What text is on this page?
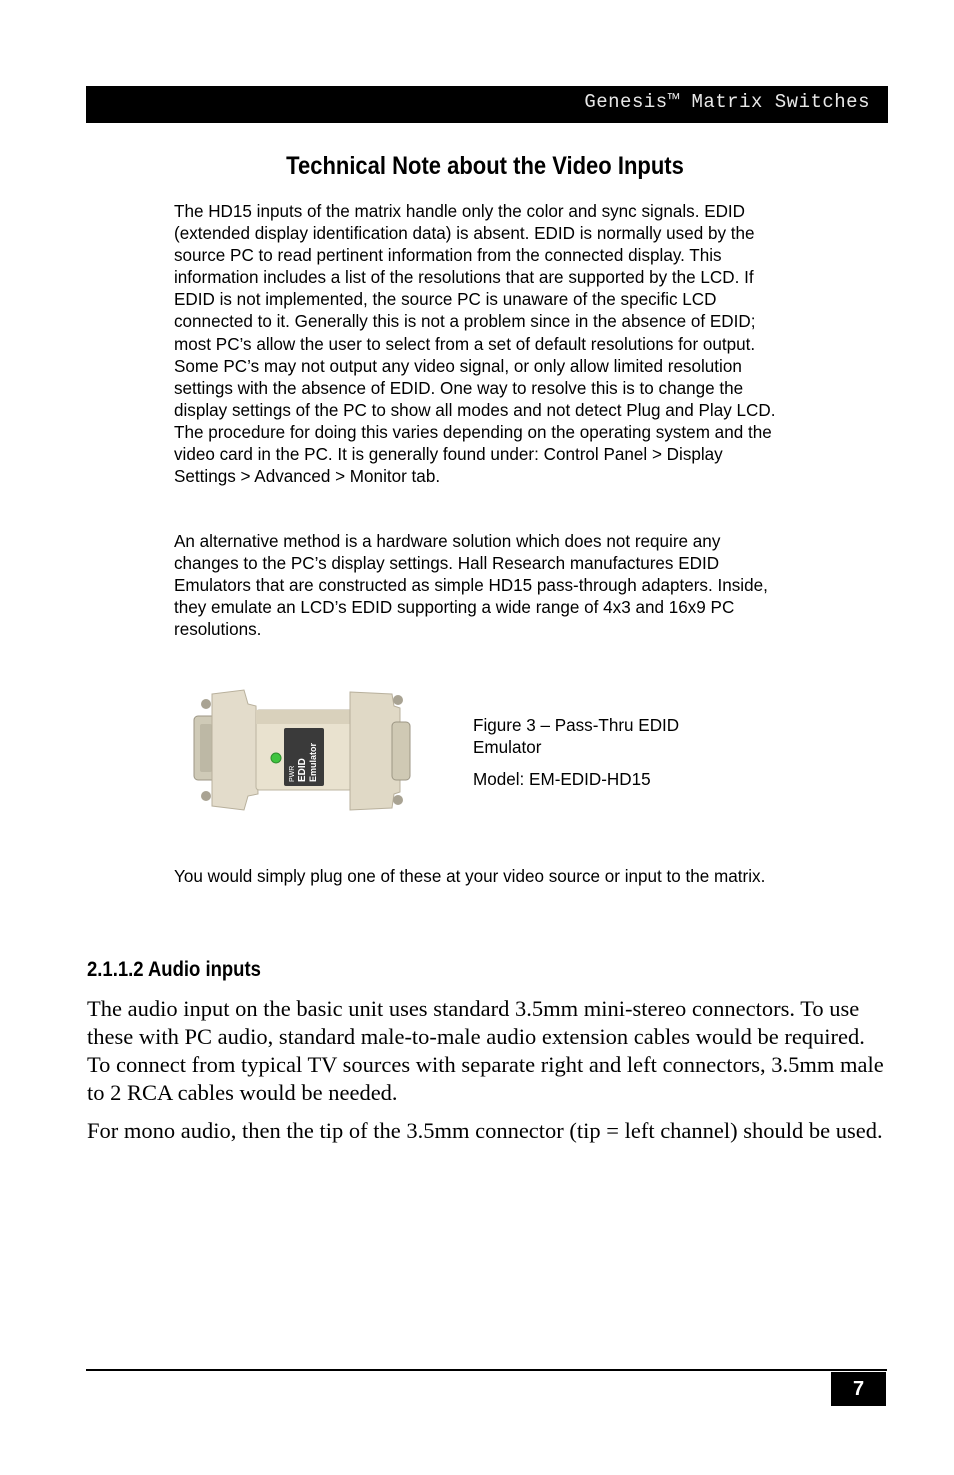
Genesis™ Matrix Switches
Technical Note about the Video Inputs

The HD15 inputs of the matrix handle only the color and sync signals. EDID (extended display identification data) is absent. EDID is normally used by the source PC to read pertinent information from the connected display. This information includes a list of the resolutions that are supported by the LCD. If EDID is not implemented, the source PC is unaware of the specific LCD connected to it. Generally this is not a problem since in the absence of EDID; most PC’s allow the user to select from a set of default resolutions for output. Some PC’s may not output any video signal, or only allow limited resolution settings with the absence of EDID. One way to resolve this is to change the display settings of the PC to show all modes and not detect Plug and Play LCD. The procedure for doing this varies depending on the operating system and the video card in the PC. It is generally found under: Control Panel > Display Settings > Advanced > Monitor tab.

An alternative method is a hardware solution which does not require any changes to the PC’s display settings. Hall Research manufactures EDID Emulators that are constructed as simple HD15 pass-through adapters. Inside, they emulate an LCD’s EDID supporting a wide range of 4x3 and 16x9 PC resolutions.

PWR EDID Emulator

Figure 3 – Pass-Thru EDID Emulator

Model: EM-EDID-HD15

You would simply plug one of these at your video source or input to the matrix.

2.1.1.2 Audio inputs

The audio input on the basic unit uses standard 3.5mm mini-stereo connectors. To use these with PC audio, standard male-to-male audio extension cables would be required. To connect from typical TV sources with separate right and left connectors, 3.5mm male to 2 RCA cables would be needed.

For mono audio, then the tip of the 3.5mm connector (tip = left channel) should be used.

7
